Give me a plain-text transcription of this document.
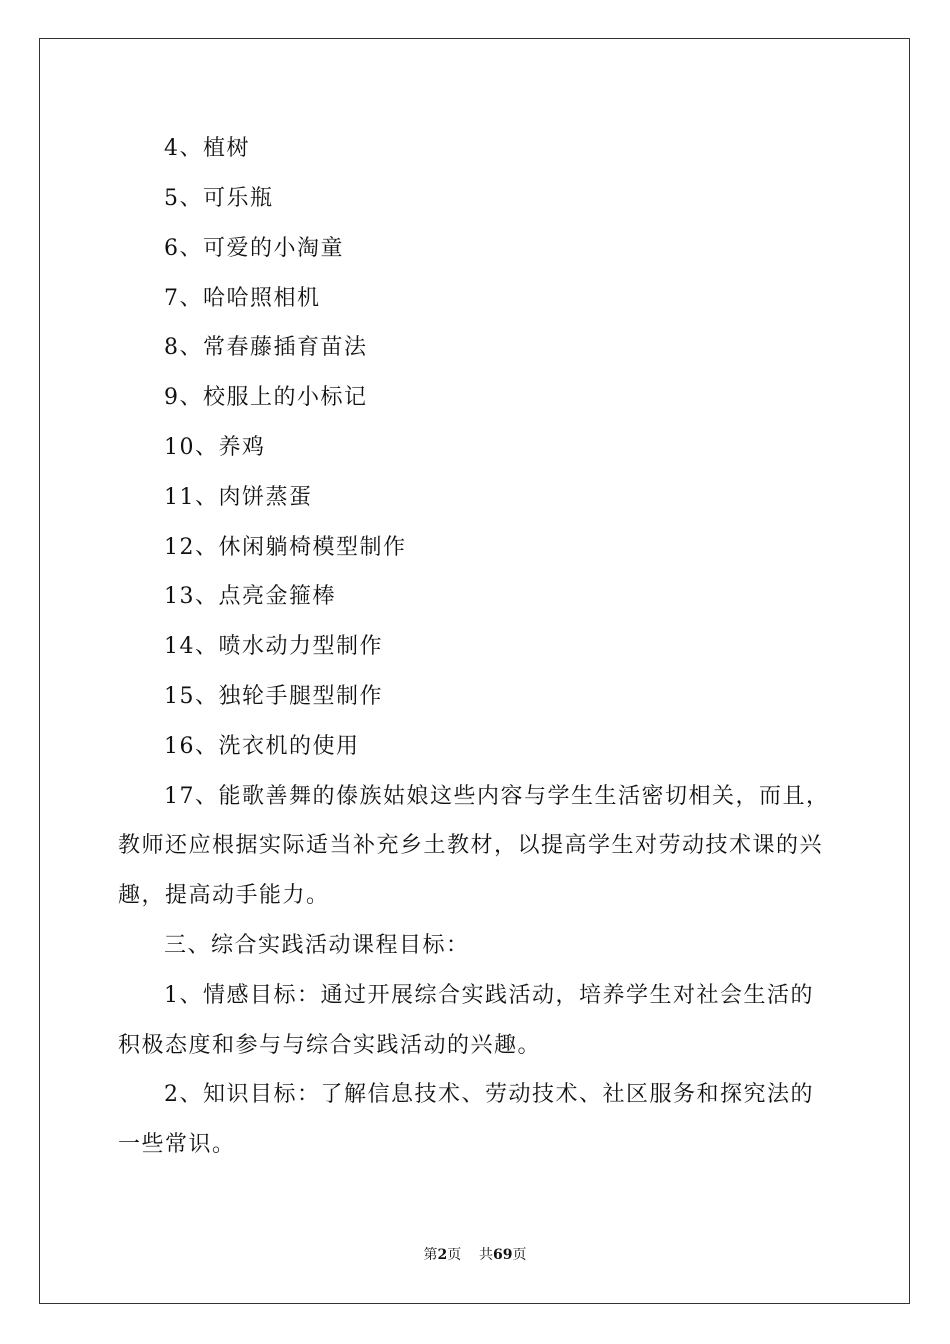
4、植树
5、可乐瓶
6、可爱的小淘童
7、哈哈照相机
8、常春藤插育苗法
9、校服上的小标记
10、养鸡
11、肉饼蒸蛋
12、休闲躺椅模型制作
13、点亮金箍棒
14、喷水动力型制作
15、独轮手腿型制作
16、洗衣机的使用
17、能歌善舞的傣族姑娘这些内容与学生生活密切相关，而且，
教师还应根据实际适当补充乡土教材，以提高学生对劳动技术课的兴
趣，提高动手能力。
三、综合实践活动课程目标：
1、情感目标：通过开展综合实践活动，培养学生对社会生活的
积极态度和参与与综合实践活动的兴趣。
2、知识目标：了解信息技术、劳动技术、社区服务和探究法的
一些常识。
第2页    共69页
